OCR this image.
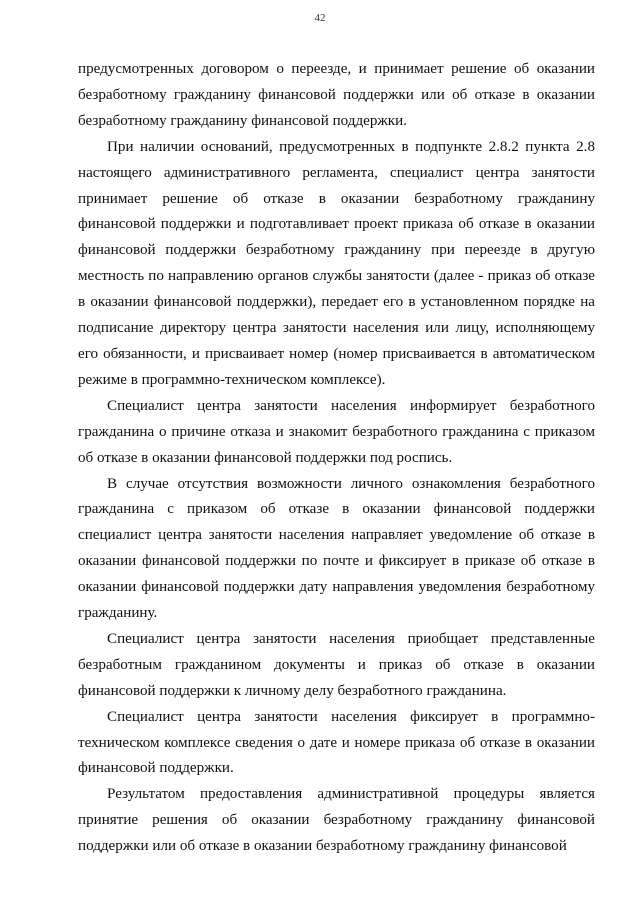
42

предусмотренных договором о переезде, и принимает решение об оказании безработному гражданину финансовой поддержки или об отказе в оказании безработному гражданину финансовой поддержки.

При наличии оснований, предусмотренных в подпункте 2.8.2 пункта 2.8 настоящего административного регламента, специалист центра занятости принимает решение об отказе в оказании безработному гражданину финансовой поддержки и подготавливает проект приказа об отказе в оказании финансовой поддержки безработному гражданину при переезде в другую местность по направлению органов службы занятости (далее - приказ об отказе в оказании финансовой поддержки), передает его в установленном порядке на подписание директору центра занятости населения или лицу, исполняющему его обязанности, и присваивает номер (номер присваивается в автоматическом режиме в программно-техническом комплексе).

Специалист центра занятости населения информирует безработного гражданина о причине отказа и знакомит безработного гражданина с приказом об отказе в оказании финансовой поддержки под роспись.

В случае отсутствия возможности личного ознакомления безработного гражданина с приказом об отказе в оказании финансовой поддержки специалист центра занятости населения направляет уведомление об отказе в оказании финансовой поддержки по почте и фиксирует в приказе об отказе в оказании финансовой поддержки дату направления уведомления безработному гражданину.

Специалист центра занятости населения приобщает представленные безработным гражданином документы и приказ об отказе в оказании финансовой поддержки к личному делу безработного гражданина.

Специалист центра занятости населения фиксирует в программно-техническом комплексе сведения о дате и номере приказа об отказе в оказании финансовой поддержки.

Результатом предоставления административной процедуры является принятие решения об оказании безработному гражданину финансовой поддержки или об отказе в оказании безработному гражданину финансовой
